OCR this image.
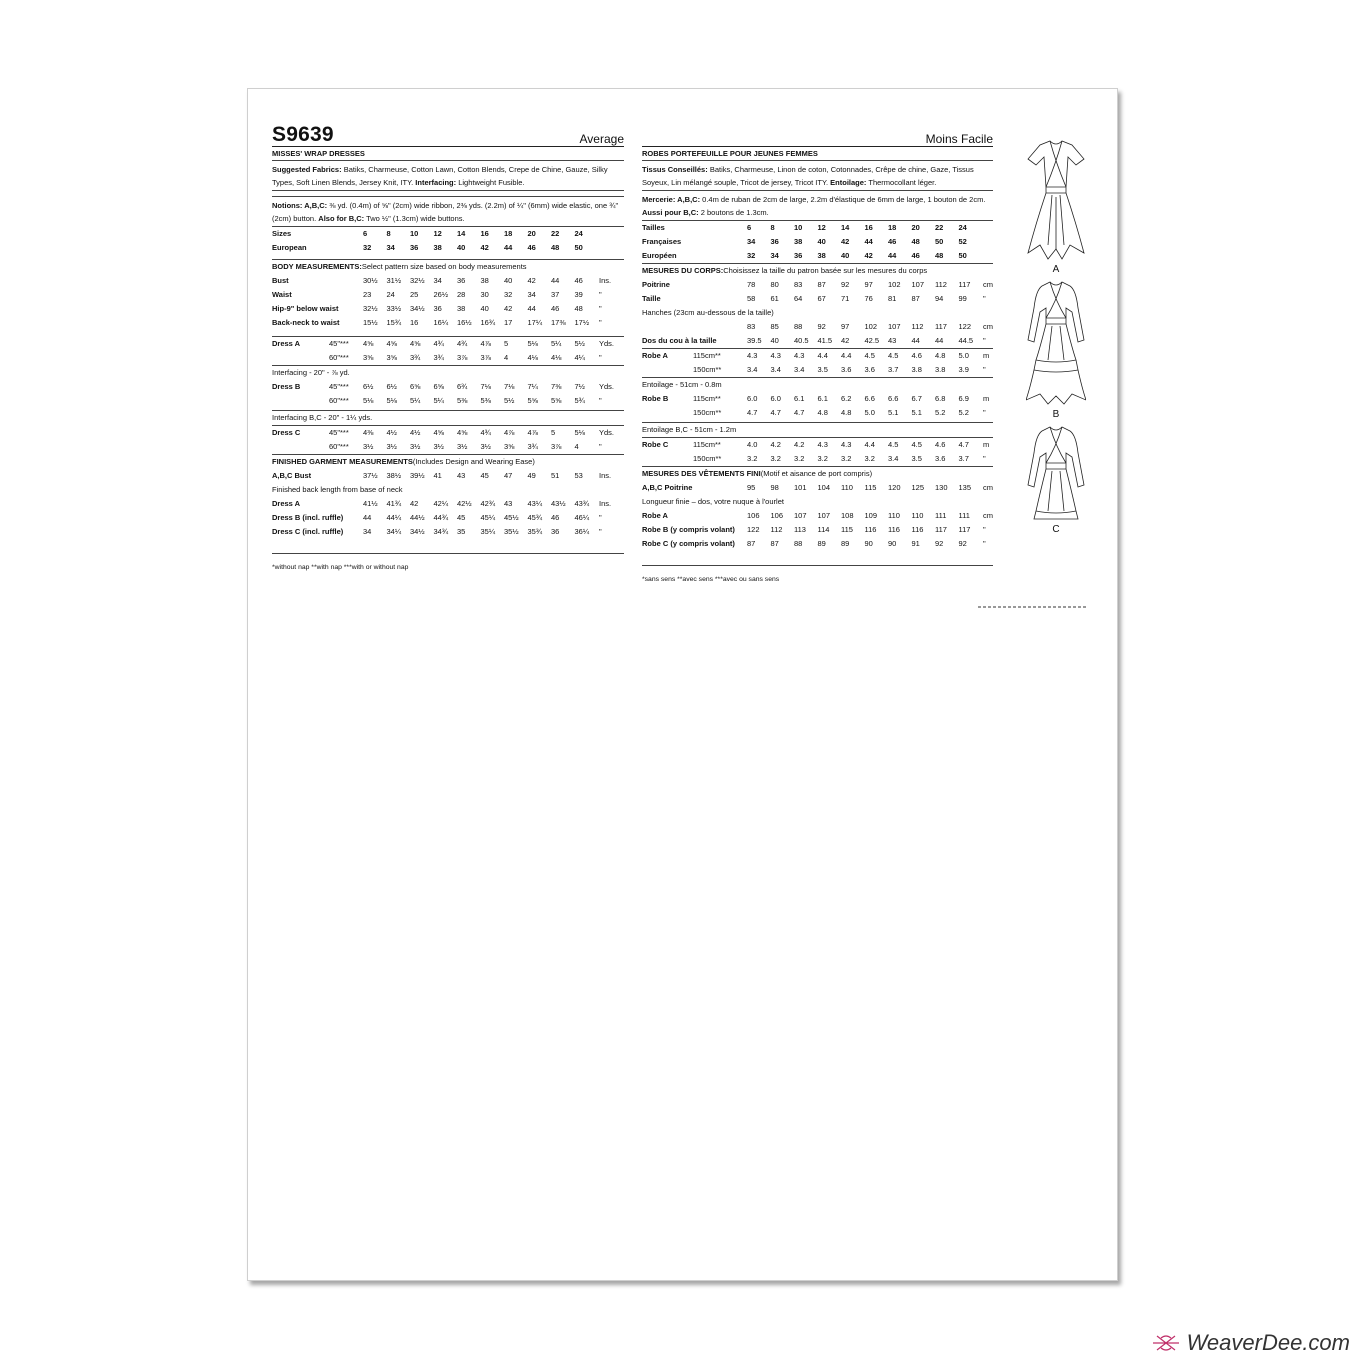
S9639	Average
MISSES' WRAP DRESSES
Suggested Fabrics: Batiks, Charmeuse, Cotton Lawn, Cotton Blends, Crepe de Chine, Gauze, Silky Types, Soft Linen Blends, Jersey Knit, ITY. Interfacing: Lightweight Fusible.
Notions: A,B,C: ⅜ yd. (0.4m) of ⅝" (2cm) wide ribbon, 2⅜ yds. (2.2m) of ¼" (6mm) wide elastic, one ¾" (2cm) button. Also for B,C: Two ½" (1.3cm) wide buttons.
Sizes	6	8	10	12	14	16	18	20	22	24
European	32	34	36	38	40	42	44	46	48	50
BODY MEASUREMENTS: Select pattern size based on body measurements
Bust	30½	31½	32½	34	36	38	40	42	44	46	Ins.
Waist	23	24	25	26½	28	30	32	34	37	39	"
Hip-9" below waist	32½	33½	34½	36	38	40	42	44	46	48	"
Back-neck to waist	15½	15¾	16	16¼	16½	16¾	17	17¼	17⅜	17½	"
Dress A	45"***	4⅝	4⅝	4⅝	4¾	4¾	4⅞	5	5⅛	5¼	5½	Yds.
60"***	3⅝	3⅝	3¾	3¾	3⅞	3⅞	4	4⅛	4⅛	4¼	"
Interfacing - 20" - ⅞ yd.
Dress B	45"***	6½	6½	6⅝	6⅝	6¾	7⅛	7⅛	7¼	7⅜	7½	Yds.
60"***	5⅛	5⅛	5¼	5¼	5⅜	5⅜	5½	5⅝	5⅝	5¾	"
Interfacing B,C - 20" - 1¼ yds.
Dress C	45"***	4⅜	4½	4½	4⅝	4⅝	4¾	4⅞	4⅞	5	5⅛	Yds.
60"***	3½	3½	3½	3½	3½	3½	3⅝	3¾	3⅞	4	"
FINISHED GARMENT MEASUREMENTS (Includes Design and Wearing Ease)
A,B,C Bust	37½	38½	39½	41	43	45	47	49	51	53	Ins.
Finished back length from base of neck
Dress A	41½	41¾	42	42¼	42½	42¾	43	43¼	43½	43¾	Ins.
Dress B (incl. ruffle)	44	44¼	44½	44¾	45	45¼	45½	45¾	46	46¼	"
Dress C (incl. ruffle)	34	34¼	34½	34¾	35	35¼	35½	35¾	36	36¼	"
*without nap **with nap ***with or without nap
Moins Facile
ROBES PORTEFEUILLE POUR JEUNES FEMMES
Tissus Conseillés: Batiks, Charmeuse, Linon de coton, Cotonnades, Crêpe de chine, Gaze, Tissus Soyeux, Lin mélangé souple, Tricot de jersey, Tricot ITY. Entoilage: Thermocollant léger.
Mercerie: A,B,C: 0.4m de ruban de 2cm de large, 2.2m d'élastique de 6mm de large, 1 bouton de 2cm. Aussi pour B,C: 2 boutons de 1.3cm.
Tailles	6	8	10	12	14	16	18	20	22	24
Françaises	34	36	38	40	42	44	46	48	50	52
Européen	32	34	36	38	40	42	44	46	48	50
MESURES DU CORPS: Choisissez la taille du patron basée sur les mesures du corps
Poitrine	78	80	83	87	92	97	102	107	112	117	cm
Taille	58	61	64	67	71	76	81	87	94	99	"
Hanches (23cm au-dessous de la taille)
83	85	88	92	97	102	107	112	117	122	cm
Dos du cou à la taille	39.5	40	40.5	41.5	42	42.5	43	44	44	44.5	"
Robe A	115cm**	4.3	4.3	4.3	4.4	4.4	4.5	4.5	4.6	4.8	5.0	m
150cm**	3.4	3.4	3.4	3.5	3.6	3.6	3.7	3.8	3.8	3.9	"
Entoilage - 51cm - 0.8m
Robe B	115cm**	6.0	6.0	6.1	6.1	6.2	6.6	6.6	6.7	6.8	6.9	m
150cm**	4.7	4.7	4.7	4.8	4.8	5.0	5.1	5.1	5.2	5.2	"
Entoilage B,C - 51cm - 1.2m
Robe C	115cm**	4.0	4.2	4.2	4.3	4.3	4.4	4.5	4.5	4.6	4.7	m
150cm**	3.2	3.2	3.2	3.2	3.2	3.2	3.4	3.5	3.6	3.7	"
MESURES DES VÊTEMENTS FINI (Motif et aisance de port compris)
A,B,C Poitrine	95	98	101	104	110	115	120	125	130	135	cm
Longueur finie – dos, votre nuque à l'ourlet
Robe A	106	106	107	107	108	109	110	110	111	111	cm
Robe B (y compris volant)	122	112	113	114	115	116	116	116	117	117	"
Robe C (y compris volant)	87	87	88	89	89	90	90	91	92	92	"
*sans sens **avec sens ***avec ou sans sens
A
B
C
WeaverDee.com
